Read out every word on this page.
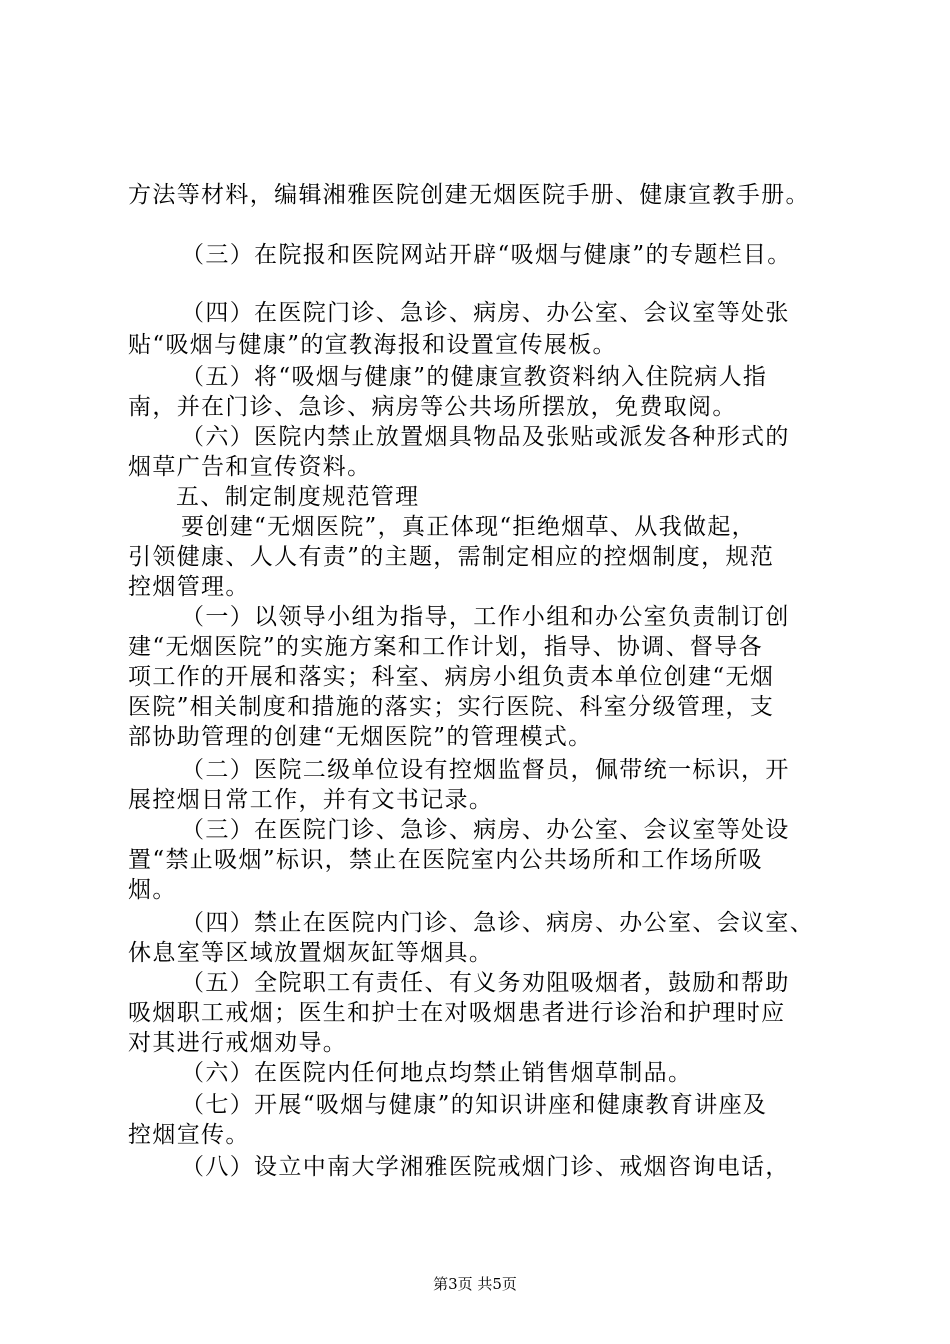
方法等材料，编辑湘雅医院创建无烟医院手册、健康宣教手册。
（三）在院报和医院网站开辟“吸烟与健康”的专题栏目。
（四）在医院门诊、急诊、病房、办公室、会议室等处张
贴“吸烟与健康”的宣教海报和设置宣传展板。
（五）将“吸烟与健康”的健康宣教资料纳入住院病人指
南，并在门诊、急诊、病房等公共场所摆放，免费取阅。
（六）医院内禁止放置烟具物品及张贴或派发各种形式的
烟草广告和宣传资料。
五、制定制度规范管理
要创建“无烟医院”，真正体现“拒绝烟草、从我做起，
引领健康、人人有责”的主题，需制定相应的控烟制度，规范
控烟管理。
（一）以领导小组为指导，工作小组和办公室负责制订创
建“无烟医院”的实施方案和工作计划，指导、协调、督导各
项工作的开展和落实；科室、病房小组负责本单位创建“无烟
医院”相关制度和措施的落实；实行医院、科室分级管理，支
部协助管理的创建“无烟医院”的管理模式。
（二）医院二级单位设有控烟监督员，佩带统一标识，开
展控烟日常工作，并有文书记录。
（三）在医院门诊、急诊、病房、办公室、会议室等处设
置“禁止吸烟”标识，禁止在医院室内公共场所和工作场所吸
烟。
（四）禁止在医院内门诊、急诊、病房、办公室、会议室、
休息室等区域放置烟灰缸等烟具。
（五）全院职工有责任、有义务劝阻吸烟者，鼓励和帮助
吸烟职工戒烟；医生和护士在对吸烟患者进行诊治和护理时应
对其进行戒烟劝导。
（六）在医院内任何地点均禁止销售烟草制品。
（七）开展“吸烟与健康”的知识讲座和健康教育讲座及
控烟宣传。
（八）设立中南大学湘雅医院戒烟门诊、戒烟咨询电话，
第3页 共5页
